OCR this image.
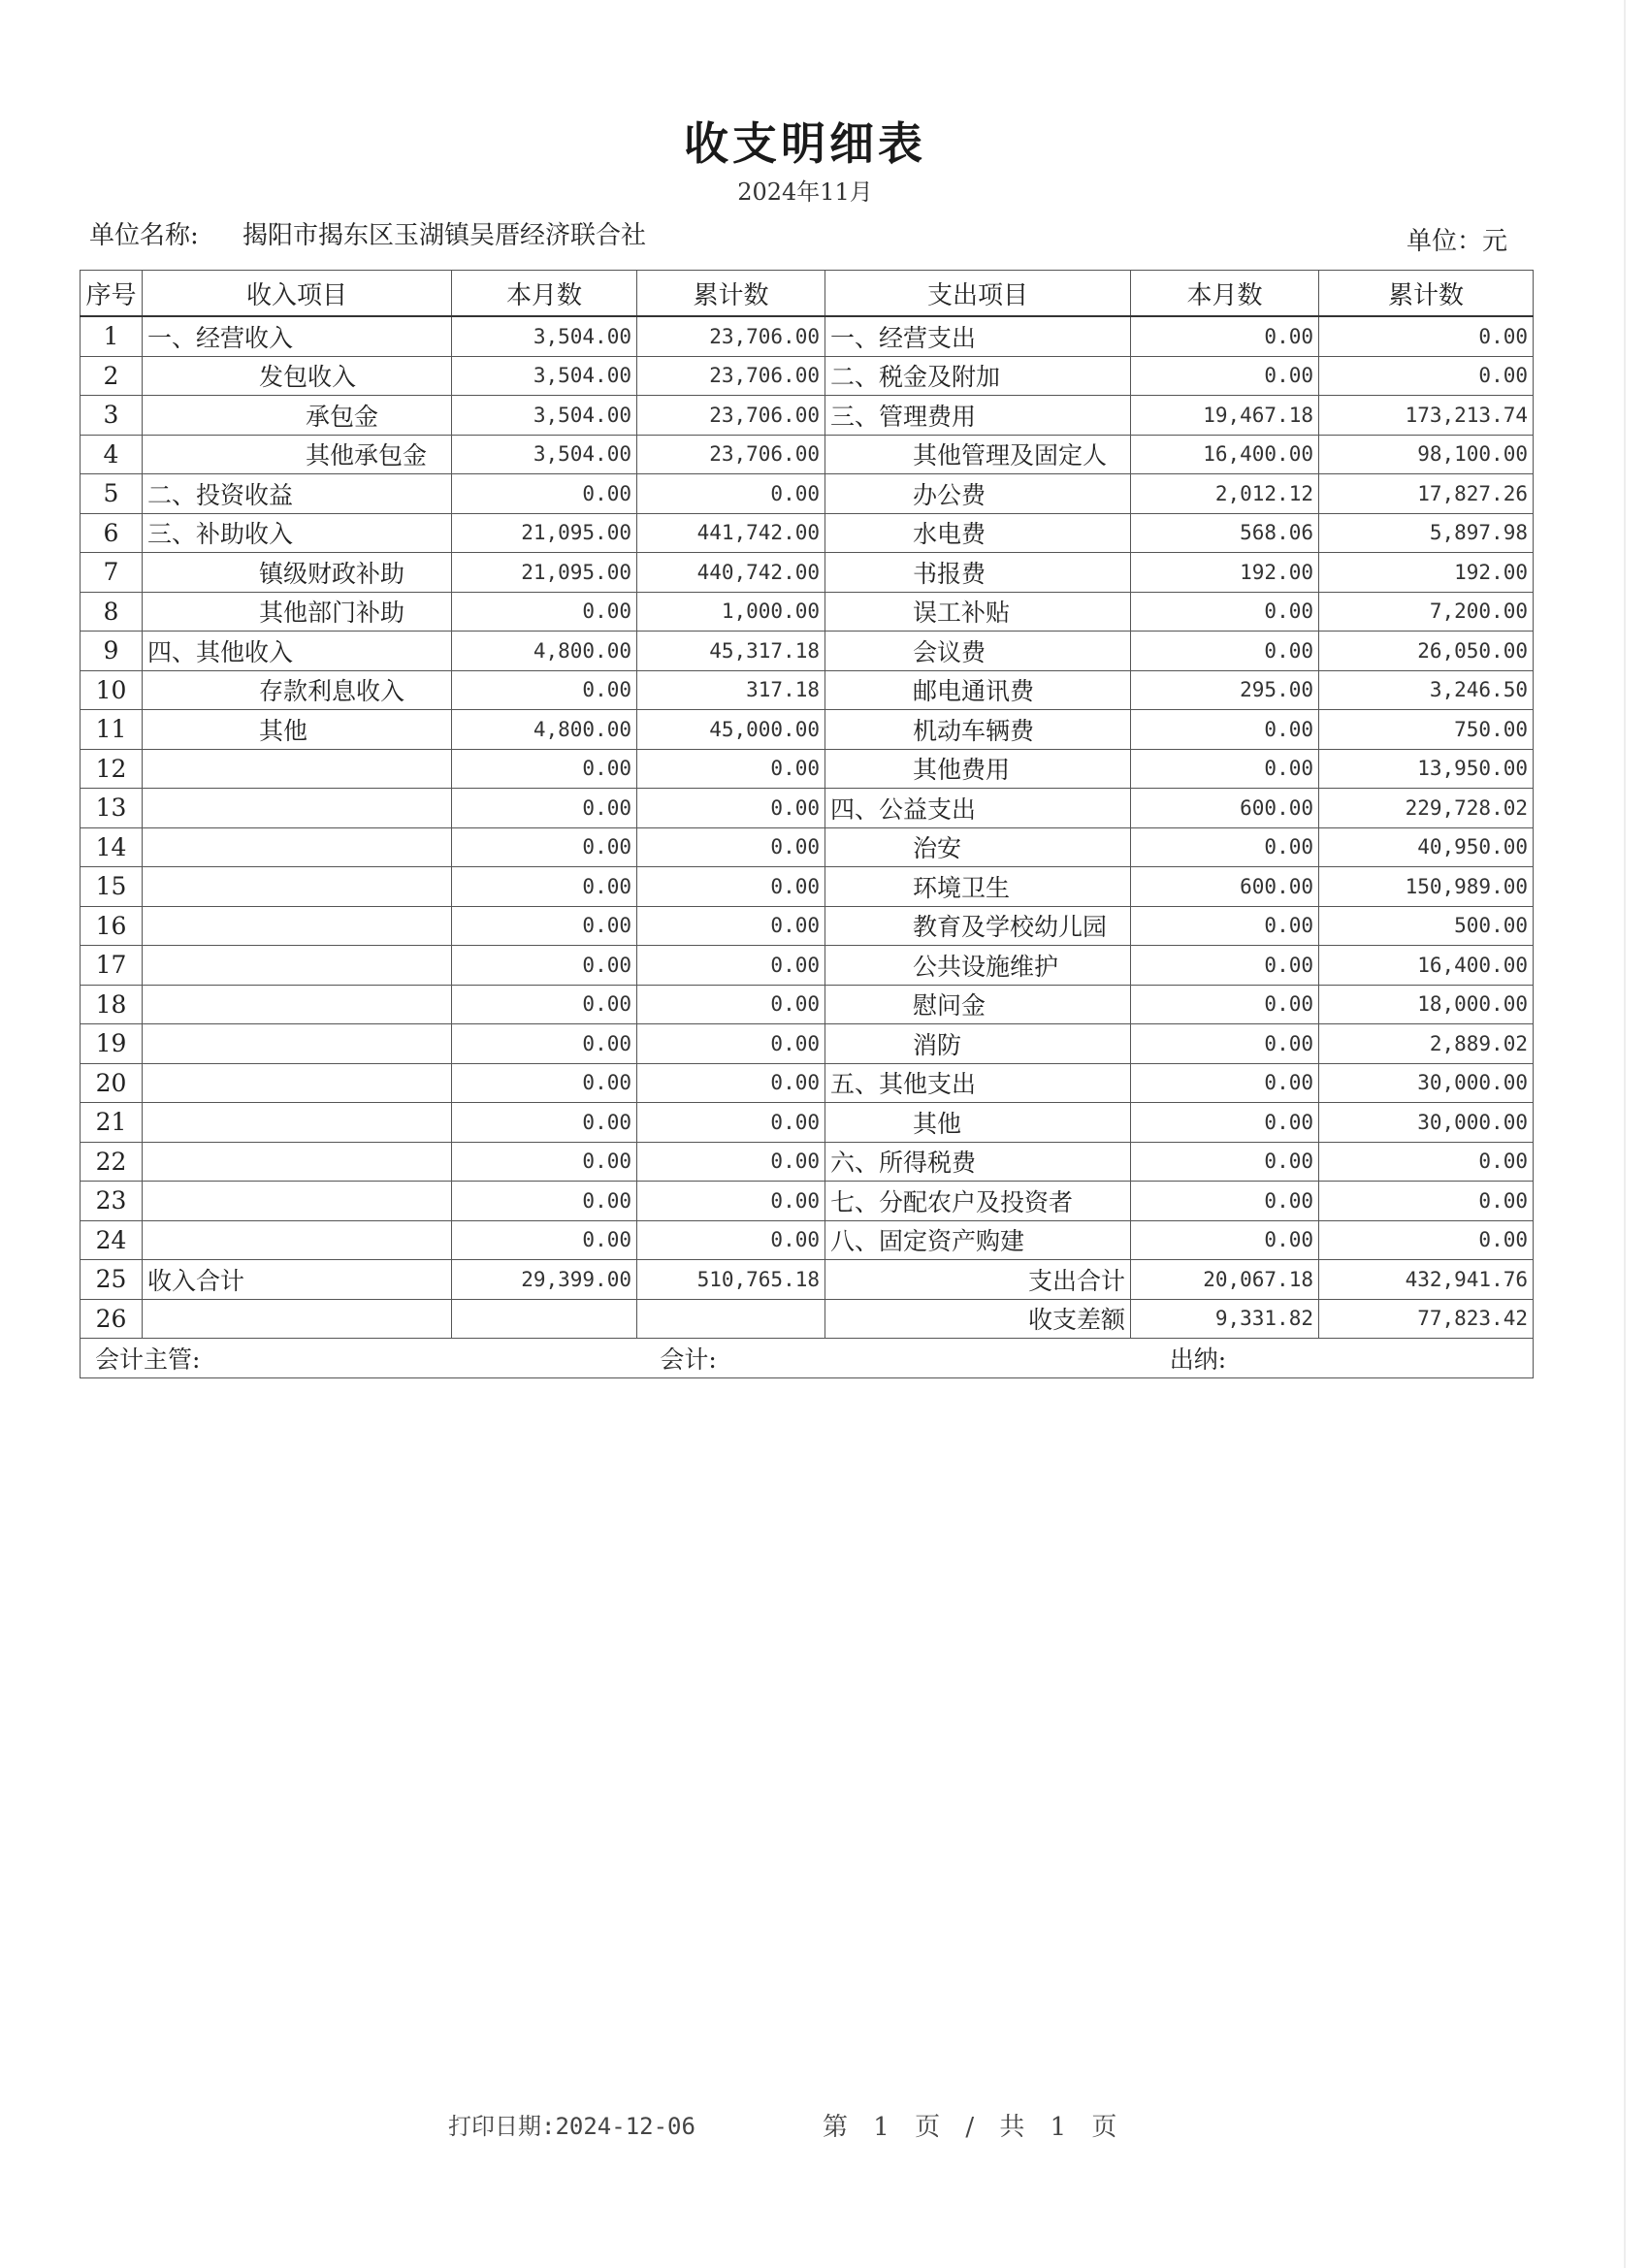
收支明细表
2024年11月
单位名称: 揭阳市揭东区玉湖镇吴厝经济联合社	单位：元
序号	收入项目	本月数	累计数	支出项目	本月数	累计数
1	一、经营收入	3,504.00	23,706.00	一、经营支出	0.00	0.00
2	发包收入	3,504.00	23,706.00	二、税金及附加	0.00	0.00
3	承包金	3,504.00	23,706.00	三、管理费用	19,467.18	173,213.74
4	其他承包金	3,504.00	23,706.00	其他管理及固定人	16,400.00	98,100.00
5	二、投资收益	0.00	0.00	办公费	2,012.12	17,827.26
6	三、补助收入	21,095.00	441,742.00	水电费	568.06	5,897.98
7	镇级财政补助	21,095.00	440,742.00	书报费	192.00	192.00
8	其他部门补助	0.00	1,000.00	误工补贴	0.00	7,200.00
9	四、其他收入	4,800.00	45,317.18	会议费	0.00	26,050.00
10	存款利息收入	0.00	317.18	邮电通讯费	295.00	3,246.50
11	其他	4,800.00	45,000.00	机动车辆费	0.00	750.00
12		0.00	0.00	其他费用	0.00	13,950.00
13		0.00	0.00	四、公益支出	600.00	229,728.02
14		0.00	0.00	治安	0.00	40,950.00
15		0.00	0.00	环境卫生	600.00	150,989.00
16		0.00	0.00	教育及学校幼儿园	0.00	500.00
17		0.00	0.00	公共设施维护	0.00	16,400.00
18		0.00	0.00	慰问金	0.00	18,000.00
19		0.00	0.00	消防	0.00	2,889.02
20		0.00	0.00	五、其他支出	0.00	30,000.00
21		0.00	0.00	其他	0.00	30,000.00
22		0.00	0.00	六、所得税费	0.00	0.00
23		0.00	0.00	七、分配农户及投资者	0.00	0.00
24		0.00	0.00	八、固定资产购建	0.00	0.00
25	收入合计	29,399.00	510,765.18	支出合计	20,067.18	432,941.76
26				收支差额	9,331.82	77,823.42
会计主管: 会计: 出纳:						
打印日期:2024-12-06	第 1 页 / 共 1 页
